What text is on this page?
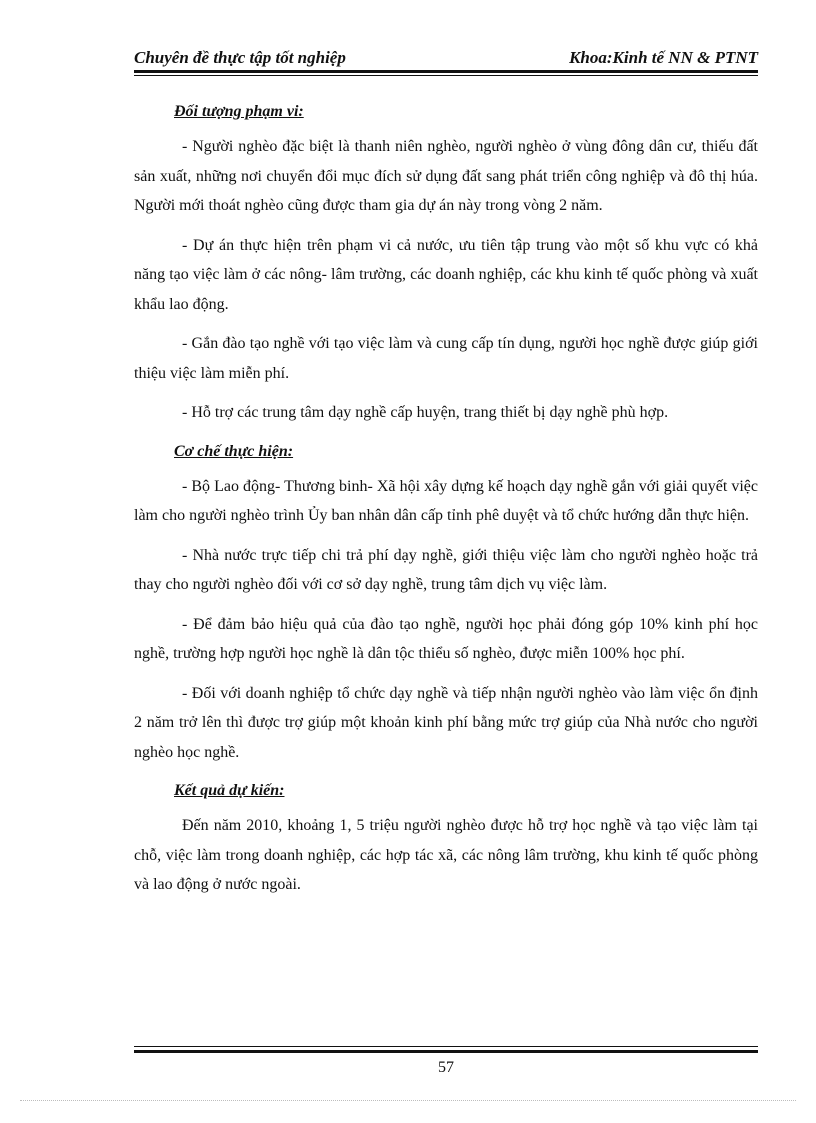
Chuyên đề thực tập tốt nghiệp	Khoa:Kinh tế NN & PTNT
Đối tượng phạm vi:

- Người nghèo đặc biệt là thanh niên nghèo, người nghèo ở vùng đông dân cư, thiếu đất sản xuất, những nơi chuyển đổi mục đích sử dụng đất sang phát triển công nghiệp và đô thị húa. Người mới thoát nghèo cũng được tham gia dự án này trong vòng 2 năm.

- Dự án thực hiện trên phạm vi cả nước, ưu tiên tập trung vào một số khu vực có khả năng tạo việc làm ở các nông- lâm trường, các doanh nghiệp, các khu kinh tế quốc phòng và xuất khẩu lao động.

- Gắn đào tạo nghề với tạo việc làm và cung cấp tín dụng, người học nghề được giúp giới thiệu việc làm miễn phí.

- Hỗ trợ các trung tâm dạy nghề cấp huyện, trang thiết bị dạy nghề phù hợp.

Cơ chế thực hiện:

- Bộ Lao động- Thương binh- Xã hội xây dựng kế hoạch dạy nghề gắn với giải quyết việc làm cho người nghèo trình Ủy ban nhân dân cấp tỉnh phê duyệt và tổ chức hướng dẫn thực hiện.

- Nhà nước trực tiếp chi trả phí dạy nghề, giới thiệu việc làm cho người nghèo hoặc trả thay cho người nghèo đối với cơ sở dạy nghề, trung tâm dịch vụ việc làm.

- Để đảm bảo hiệu quả của đào tạo nghề, người học phải đóng góp 10% kinh phí học nghề, trường hợp người học nghề là dân tộc thiểu số nghèo, được miễn 100% học phí.

- Đối với doanh nghiệp tổ chức dạy nghề và tiếp nhận người nghèo vào làm việc ổn định 2 năm trở lên thì được trợ giúp một khoản kinh phí bằng mức trợ giúp của Nhà nước cho người nghèo học nghề.

Kết quả dự kiến:

Đến năm 2010, khoảng 1, 5 triệu người nghèo được hỗ trợ học nghề và tạo việc làm tại chỗ, việc làm trong doanh nghiệp, các hợp tác xã, các nông lâm trường, khu kinh tế quốc phòng và lao động ở nước ngoài.

57
